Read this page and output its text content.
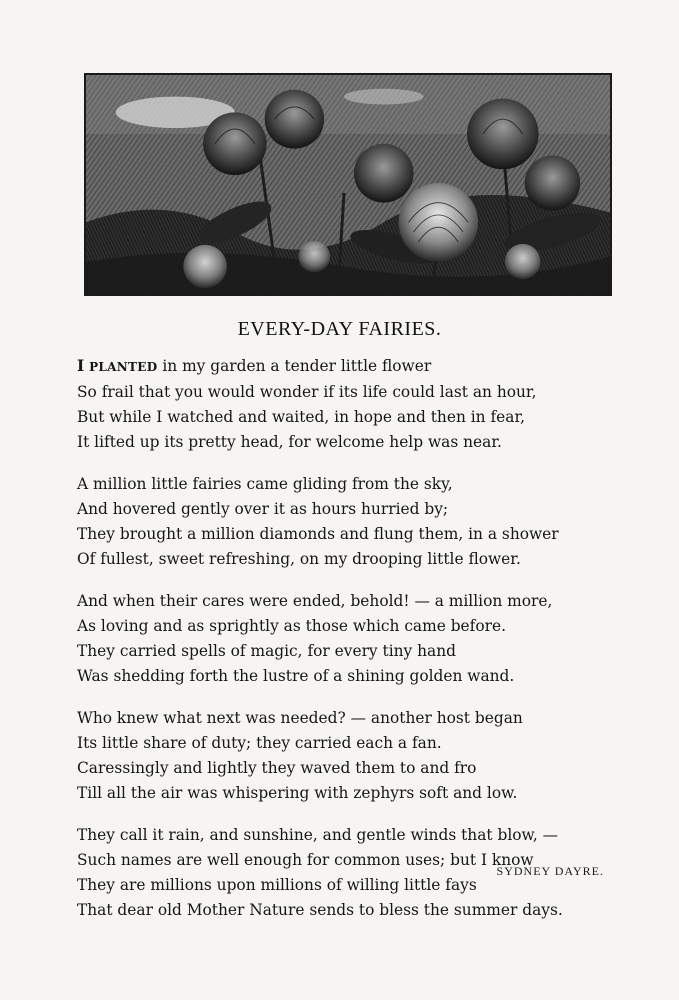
EVERY-DAY FAIRIES.
I PLANTED in my garden a tender little flower
So frail that you would wonder if its life could last an hour,
But while I watched and waited, in hope and then in fear,
It lifted up its pretty head, for welcome help was near.
A million little fairies came gliding from the sky,
And hovered gently over it as hours hurried by;
They brought a million diamonds and flung them, in a shower
Of fullest, sweet refreshing, on my drooping little flower.
And when their cares were ended, behold! — a million more,
As loving and as sprightly as those which came before.
They carried spells of magic, for every tiny hand
Was shedding forth the lustre of a shining golden wand.
Who knew what next was needed? — another host began
Its little share of duty; they carried each a fan.
Caressingly and lightly they waved them to and fro
Till all the air was whispering with zephyrs soft and low.
They call it rain, and sunshine, and gentle winds that blow, —
Such names are well enough for common uses; but I know
They are millions upon millions of willing little fays
That dear old Mother Nature sends to bless the summer days.
SYDNEY DAYRE.
